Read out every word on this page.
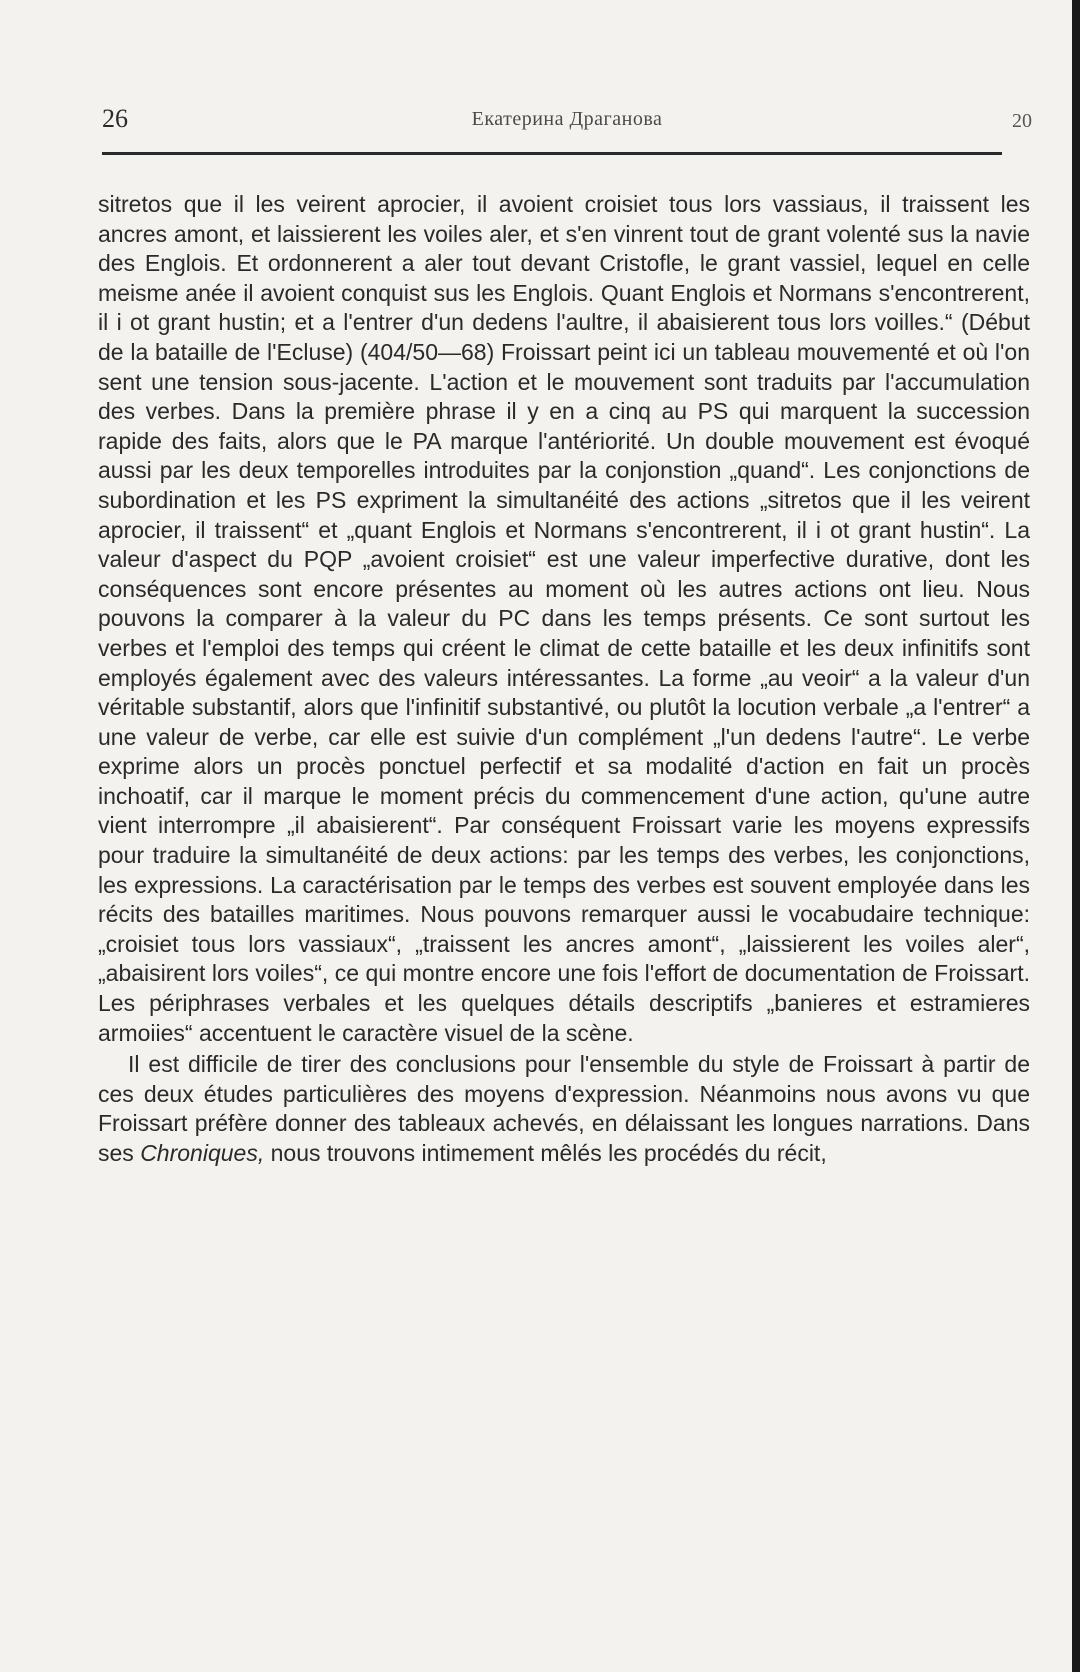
26	Екатерина Драганова	20

sitretos que il les veirent aprocier, il avoient croisiet tous lors vassiaus, il traissent les ancres amont, et laissierent les voiles aler, et s'en vinrent tout de grant volenté sus la navie des Englois. Et ordonnerent a aler tout devant Cristofle, le grant vassiel, lequel en celle meisme anée il avoient conquist sus les Englois. Quant Englois et Normans s'encontrerent, il i ot grant hustin; et a l'entrer d'un dedens l'aultre, il abaisierent tous lors voilles.“ (Début de la bataille de l'Ecluse) (404/50—68) Froissart peint ici un tableau mouvementé et où l'on sent une tension sous-jacente. L'action et le mouvement sont traduits par l'accumulation des verbes. Dans la première phrase il y en a cinq au PS qui marquent la succession rapide des faits, alors que le PA marque l'antériorité. Un double mouvement est évoqué aussi par les deux temporelles introduites par la conjonstion „quand“. Les conjonctions de subordination et les PS expriment la simultanéité des actions „sitretos que il les veirent aprocier, il traissent“ et „quant Englois et Normans s'encontrerent, il i ot grant hustin“. La valeur d'aspect du PQP „avoient croisiet“ est une valeur imperfective durative, dont les conséquences sont encore présentes au moment où les autres actions ont lieu. Nous pouvons la comparer à la valeur du PC dans les temps présents. Ce sont surtout les verbes et l'emploi des temps qui créent le climat de cette bataille et les deux infinitifs sont employés également avec des valeurs intéressantes. La forme „au veoir“ a la valeur d'un véritable substantif, alors que l'infinitif substantivé, ou plutôt la locution verbale „a l'entrer“ a une valeur de verbe, car elle est suivie d'un complément „l'un dedens l'autre“. Le verbe exprime alors un procès ponctuel perfectif et sa modalité d'action en fait un procès inchoatif, car il marque le moment précis du commencement d'une action, qu'une autre vient interrompre „il abaisierent“. Par conséquent Froissart varie les moyens expressifs pour traduire la simultanéité de deux actions: par les temps des verbes, les conjonctions, les expressions. La caractérisation par le temps des verbes est souvent employée dans les récits des batailles maritimes. Nous pouvons remarquer aussi le vocabudaire technique: „croisiet tous lors vassiaux“, „traissent les ancres amont“, „laissierent les voiles aler“, „abaisirent lors voiles“, ce qui montre encore une fois l'effort de documentation de Froissart. Les périphrases verbales et les quelques détails descriptifs „banieres et estramieres armoiies“ accentuent le caractère visuel de la scène.

Il est difficile de tirer des conclusions pour l'ensemble du style de Froissart à partir de ces deux études particulières des moyens d'expression. Néanmoins nous avons vu que Froissart préfère donner des tableaux achevés, en délaissant les longues narrations. Dans ses Chroniques, nous trouvons intimement mêlés les procédés du récit,
